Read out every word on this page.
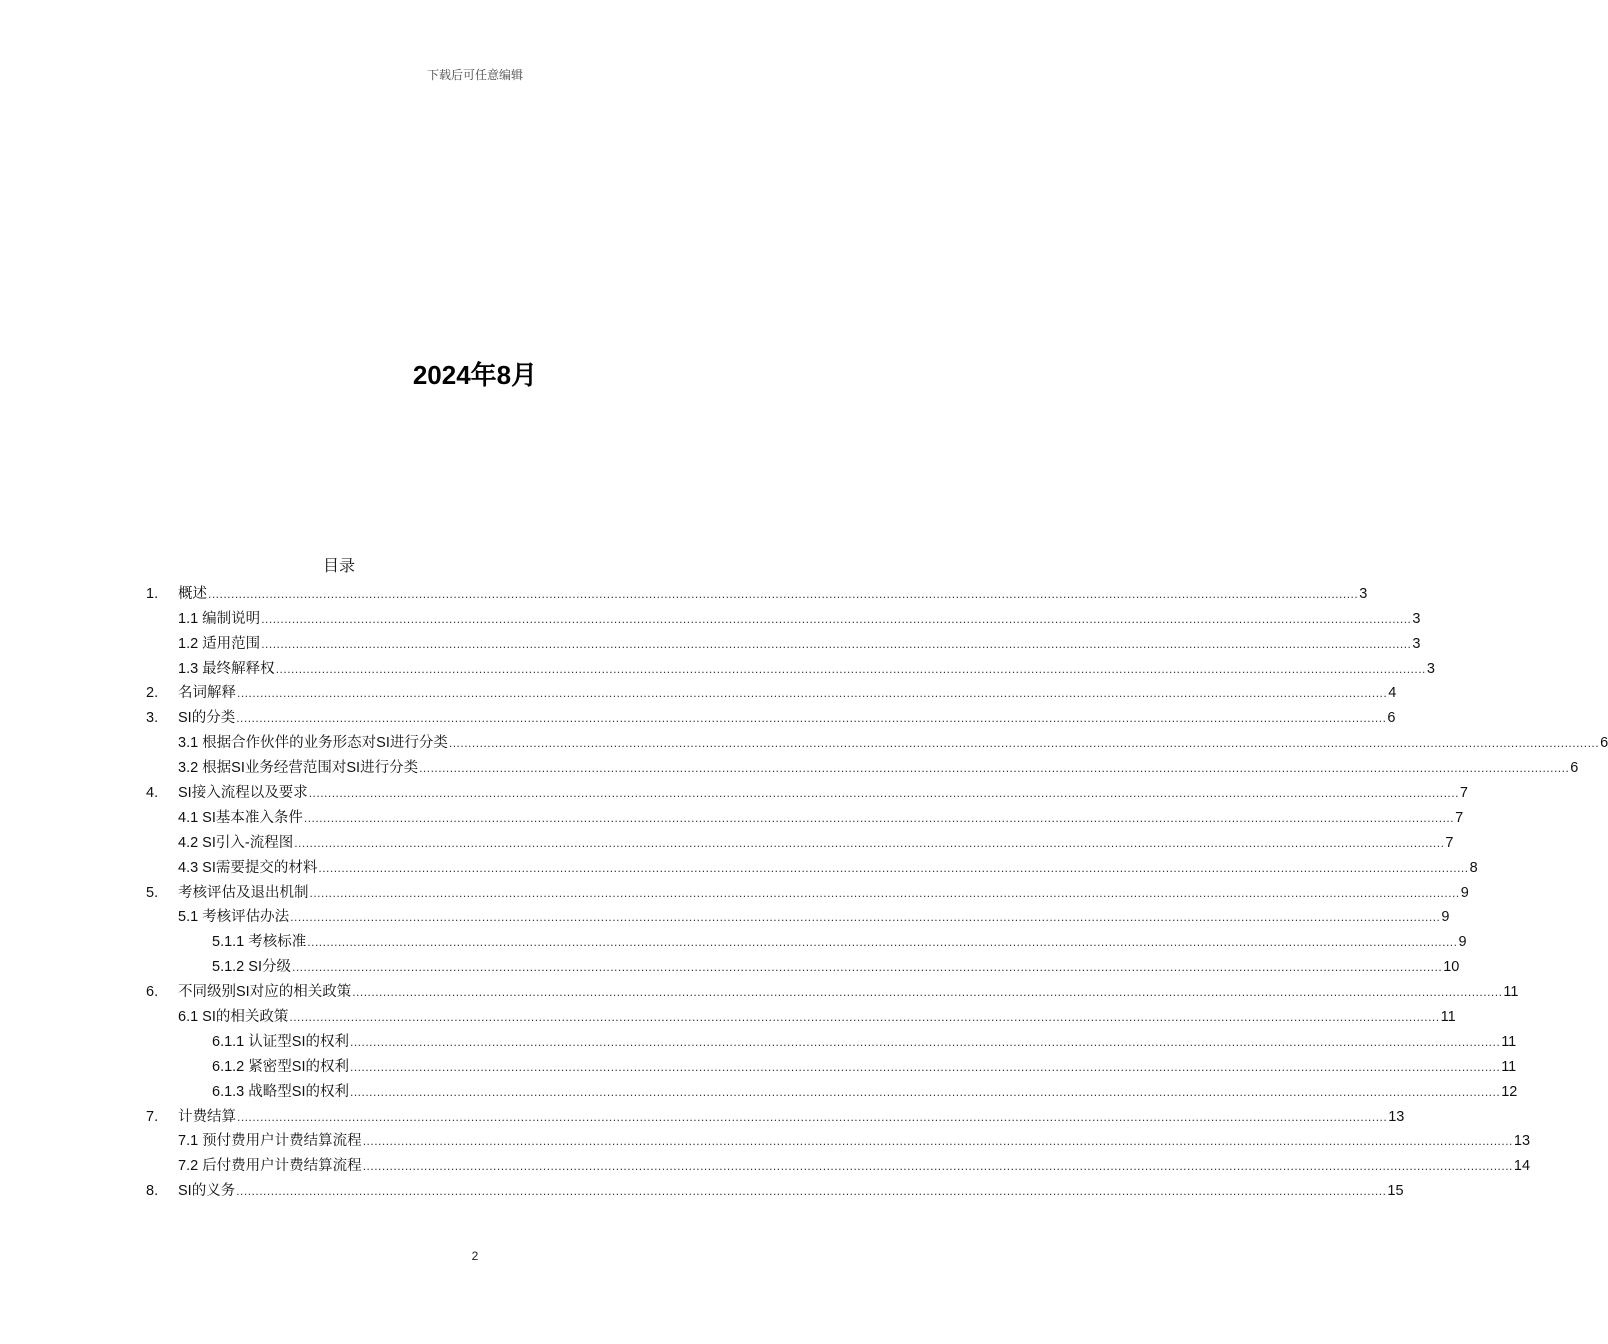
下载后可任意编辑
2024年8月
目录
1.	概述 ............................................................................................................................................................................................................................................................................................................ 3
1.1 编制说明 ............................................................................................................................................................................................................................................................................................................ 3
1.2 适用范围 ............................................................................................................................................................................................................................................................................................................ 3
1.3 最终解释权 ............................................................................................................................................................................................................................................................................................................ 3
2.	名词解释 ............................................................................................................................................................................................................................................................................................................ 4
3.	SI的分类 ............................................................................................................................................................................................................................................................................................................ 6
3.1 根据合作伙伴的业务形态对SI进行分类 ............................................................................................................................................................................................................................................................................................................ 6
3.2 根据SI业务经营范围对SI进行分类 ............................................................................................................................................................................................................................................................................................................ 6
4.	SI接入流程以及要求 ............................................................................................................................................................................................................................................................................................................ 7
4.1 SI基本准入条件 ............................................................................................................................................................................................................................................................................................................ 7
4.2 SI引入-流程图 ............................................................................................................................................................................................................................................................................................................ 7
4.3 SI需要提交的材料 ............................................................................................................................................................................................................................................................................................................ 8
5.	考核评估及退出机制 ............................................................................................................................................................................................................................................................................................................ 9
5.1 考核评估办法 ............................................................................................................................................................................................................................................................................................................ 9
5.1.1 考核标准 ............................................................................................................................................................................................................................................................................................................ 9
5.1.2 SI分级 ............................................................................................................................................................................................................................................................................................................ 10
6.	不同级别SI对应的相关政策 ............................................................................................................................................................................................................................................................................................................ 11
6.1 SI的相关政策 ............................................................................................................................................................................................................................................................................................................ 11
6.1.1 认证型SI的权利 ............................................................................................................................................................................................................................................................................................................ 11
6.1.2 紧密型SI的权利 ............................................................................................................................................................................................................................................................................................................ 11
6.1.3 战略型SI的权利 ............................................................................................................................................................................................................................................................................................................ 12
7.	计费结算 ............................................................................................................................................................................................................................................................................................................ 13
7.1 预付费用户计费结算流程 ............................................................................................................................................................................................................................................................................................................ 13
7.2 后付费用户计费结算流程 ............................................................................................................................................................................................................................................................................................................ 14
8.	SI的义务 ............................................................................................................................................................................................................................................................................................................ 15
2
